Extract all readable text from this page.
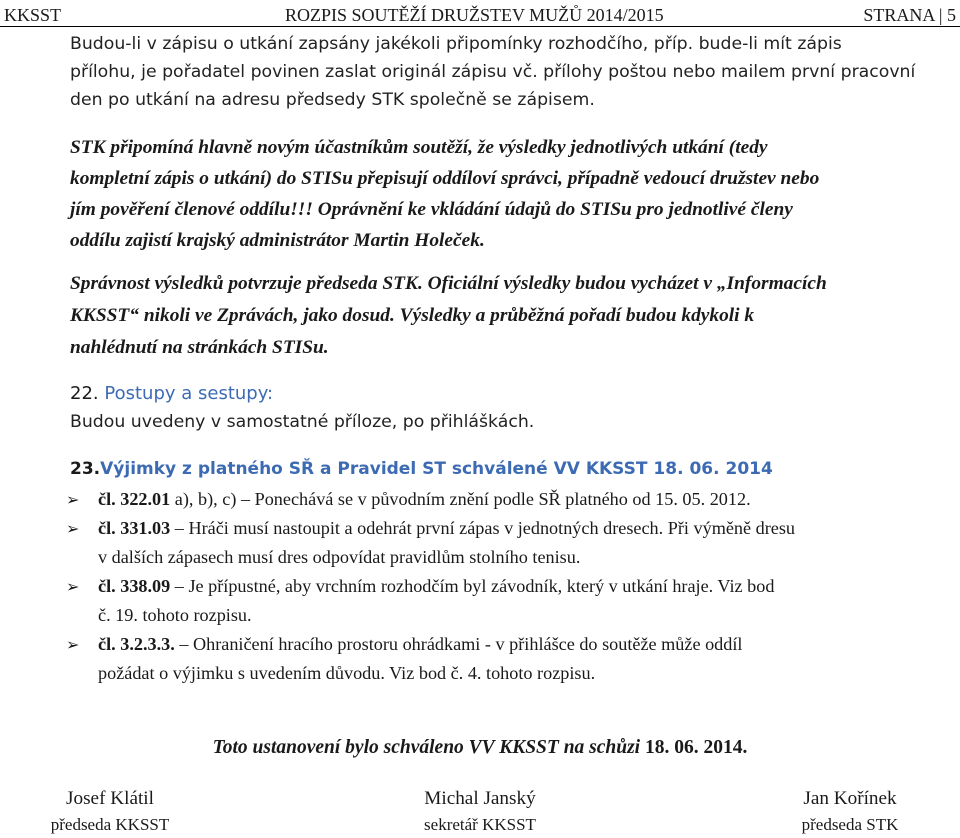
KKSST	ROZPIS SOUTĚŽÍ DRUŽSTEV MUŽŮ 2014/2015	STRANA | 5
Budou-li v zápisu o utkání zapsány jakékoli připomínky rozhodčího, příp. bude-li mít zápis
přílohu, je pořadatel povinen zaslat originál zápisu vč. přílohy poštou nebo mailem první pracovní
den po utkání na adresu předsedy STK společně se zápisem.
STK připomíná hlavně novým účastníkům soutěží, že výsledky jednotlivých utkání (tedy
kompletní zápis o utkání) do STISu přepisují oddíloví správci, případně vedoucí družstev nebo
jím pověření členové oddílu!!! Oprávnění ke vkládání údajů do STISu pro jednotlivé členy
oddílu zajistí krajský administrátor Martin Holeček.
Správnost výsledků potvrzuje předseda STK. Oficiální výsledky budou vycházet v „Informacích
KKSST“ nikoli ve Zprávách, jako dosud. Výsledky a průběžná pořadí budou kdykoli k
nahlédnutí na stránkách STISu.
22. Postupy a sestupy:
Budou uvedeny v samostatné příloze, po přihláškách.
23.Výjimky z platného SŘ a Pravidel ST schválené VV KKSST 18. 06. 2014
➢ čl. 322.01 a), b), c) – Ponechává se v původním znění podle SŘ platného od 15. 05. 2012.
➢ čl. 331.03 – Hráči musí nastoupit a odehrát první zápas v jednotných dresech. Při výměně dresu
v dalších zápasech musí dres odpovídat pravidlům stolního tenisu.
➢ čl. 338.09 – Je přípustné, aby vrchním rozhodčím byl závodník, který v utkání hraje. Viz bod
č. 19. tohoto rozpisu.
➢ čl. 3.2.3.3. – Ohraničení hracího prostoru ohrádkami - v přihlášce do soutěže může oddíl
požádat o výjimku s uvedením důvodu. Viz bod č. 4. tohoto rozpisu.
Toto ustanovení bylo schváleno VV KKSST na schůzi 18. 06. 2014.
Josef Klátil
předseda KKSST
Michal Janský
sekretář KKSST
Jan Kořínek
předseda STK
